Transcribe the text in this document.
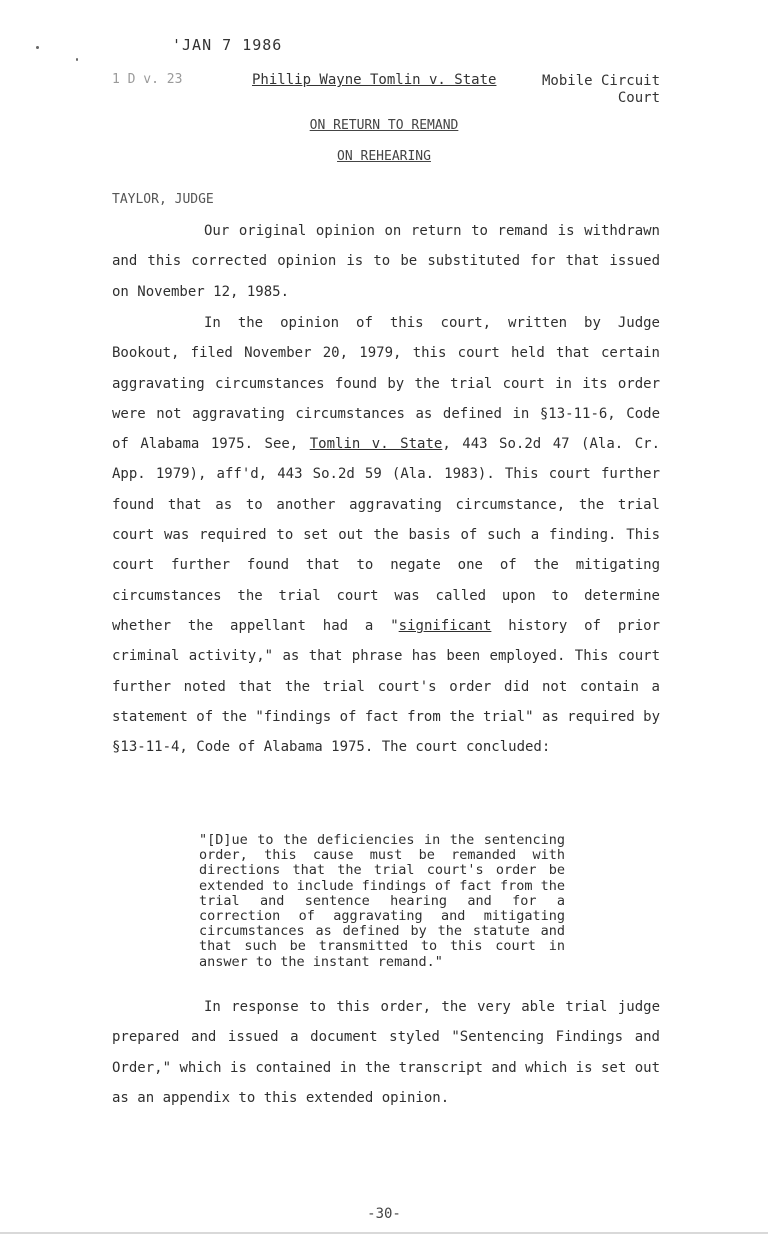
'JAN 7 1986
1 D v. 23	Phillip Wayne Tomlin v. State	Mobile Circuit
Court
ON RETURN TO REMAND
ON REHEARING
TAYLOR, JUDGE
Our original opinion on return to remand is withdrawn and this corrected opinion is to be substituted for that issued on November 12, 1985.
In the opinion of this court, written by Judge Bookout, filed November 20, 1979, this court held that certain aggravating circumstances found by the trial court in its order were not aggravating circumstances as defined in §13-11-6, Code of Alabama 1975. See, Tomlin v. State, 443 So.2d 47 (Ala. Cr. App. 1979), aff'd, 443 So.2d 59 (Ala. 1983). This court further found that as to another aggravating circumstance, the trial court was required to set out the basis of such a finding. This court further found that to negate one of the mitigating circumstances the trial court was called upon to determine whether the appellant had a "significant history of prior criminal activity," as that phrase has been employed. This court further noted that the trial court's order did not contain a statement of the "findings of fact from the trial" as required by §13-11-4, Code of Alabama 1975. The court concluded:
"[D]ue to the deficiencies in the sentencing order, this cause must be remanded with directions that the trial court's order be extended to include findings of fact from the trial and sentence hearing and for a correction of aggravating and mitigating circumstances as defined by the statute and that such be transmitted to this court in answer to the instant remand."
In response to this order, the very able trial judge prepared and issued a document styled "Sentencing Findings and Order," which is contained in the transcript and which is set out as an appendix to this extended opinion.
-30-
